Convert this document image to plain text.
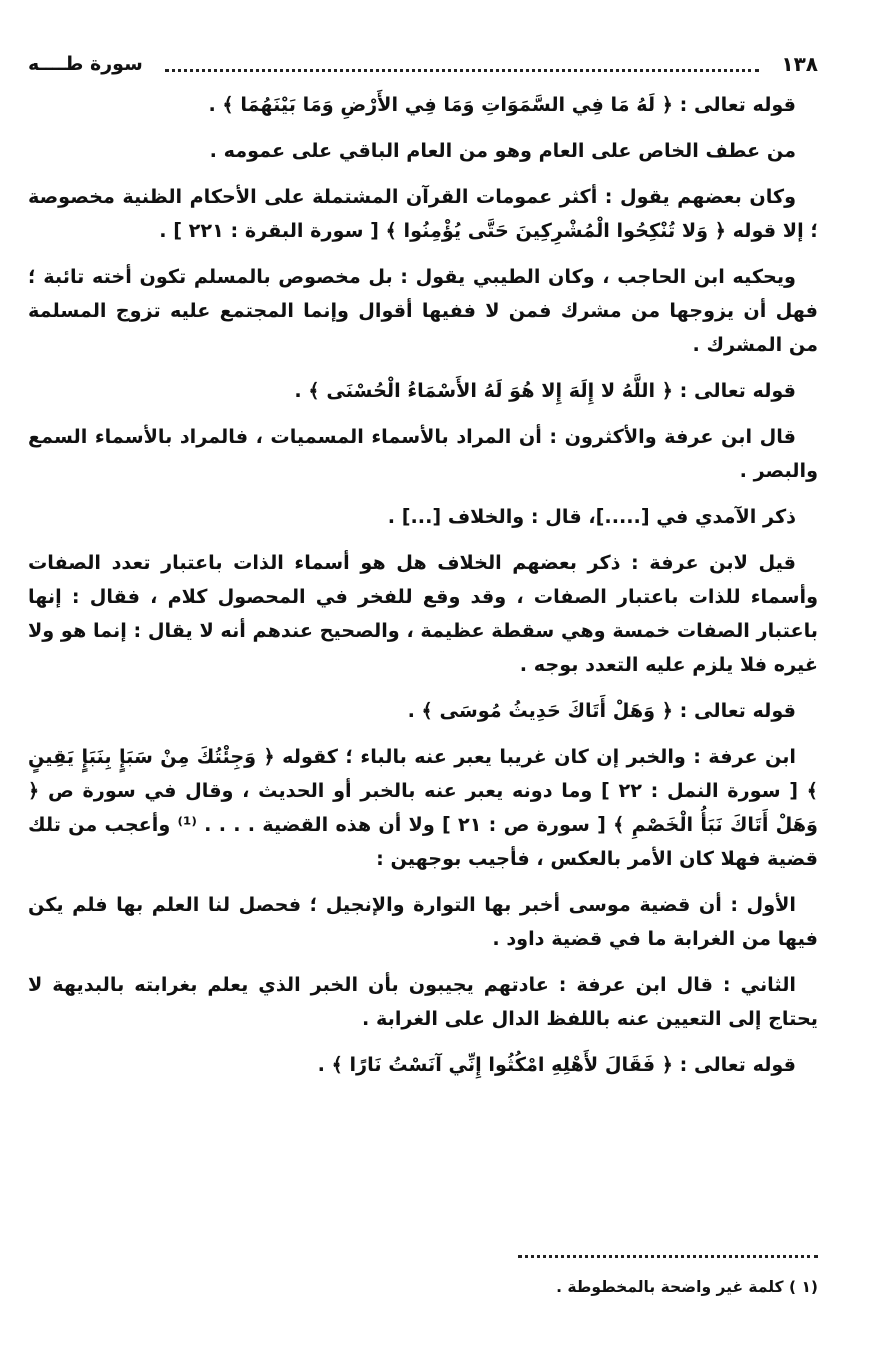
١٣٨
سورة طــــه

قوله تعالى : ﴿ لَهُ مَا فِي السَّمَوَاتِ وَمَا فِي الأَرْضِ وَمَا بَيْنَهُمَا ﴾ .

من عطف الخاص على العام وهو من العام الباقي على عمومه .

وكان بعضهم يقول : أكثر عمومات القرآن المشتملة على الأحكام الظنية مخصوصة ؛ إلا قوله ﴿ وَلا تُنْكِحُوا الْمُشْرِكِينَ حَتَّى يُؤْمِنُوا ﴾ [ سورة البقرة : ٢٢١ ] .

ويحكيه ابن الحاجب ، وكان الطيبي يقول : بل مخصوص بالمسلم تكون أخته تائبة ؛ فهل أن يزوجها من مشرك فمن لا ففيها أقوال وإنما المجتمع عليه تزوج المسلمة من المشرك .

قوله تعالى : ﴿ اللَّهُ لا إِلَهَ إِلا هُوَ لَهُ الأَسْمَاءُ الْحُسْنَى ﴾ .

قال ابن عرفة والأكثرون : أن المراد بالأسماء المسميات ، فالمراد بالأسماء السمع والبصر .

ذكر الآمدي في [.....]، قال : والخلاف [...] .

قيل لابن عرفة : ذكر بعضهم الخلاف هل هو أسماء الذات باعتبار تعدد الصفات وأسماء للذات باعتبار الصفات ، وقد وقع للفخر في المحصول كلام ، فقال : إنها باعتبار الصفات خمسة وهي سقطة عظيمة ، والصحيح عندهم أنه لا يقال : إنما هو ولا غيره فلا يلزم عليه التعدد بوجه .

قوله تعالى : ﴿ وَهَلْ أَتَاكَ حَدِيثُ مُوسَى ﴾ .

ابن عرفة : والخبر إن كان غريبا يعبر عنه بالباء ؛ كقوله ﴿ وَجِئْتُكَ مِنْ سَبَإٍ بِنَبَإٍ يَقِينٍ ﴾ [ سورة النمل : ٢٢ ] وما دونه يعبر عنه بالخبر أو الحديث ، وقال في سورة ص ﴿ وَهَلْ أَتَاكَ نَبَأُ الْخَصْمِ ﴾ [ سورة ص : ٢١ ] ولا أن هذه القضية . . . . ⁽¹⁾ وأعجب من تلك قضية فهلا كان الأمر بالعكس ، فأجيب بوجهين :

الأول : أن قضية موسى أخبر بها التوارة والإنجيل ؛ فحصل لنا العلم بها فلم يكن فيها من الغرابة ما في قضية داود .

الثاني : قال ابن عرفة : عادتهم يجيبون بأن الخبر الذي يعلم بغرابته بالبديهة لا يحتاج إلى التعيين عنه باللفظ الدال على الغرابة .

قوله تعالى : ﴿ فَقَالَ لأَهْلِهِ امْكُثُوا إِنِّي آنَسْتُ نَارًا ﴾ .

(١ ) كلمة غير واضحة بالمخطوطة .
